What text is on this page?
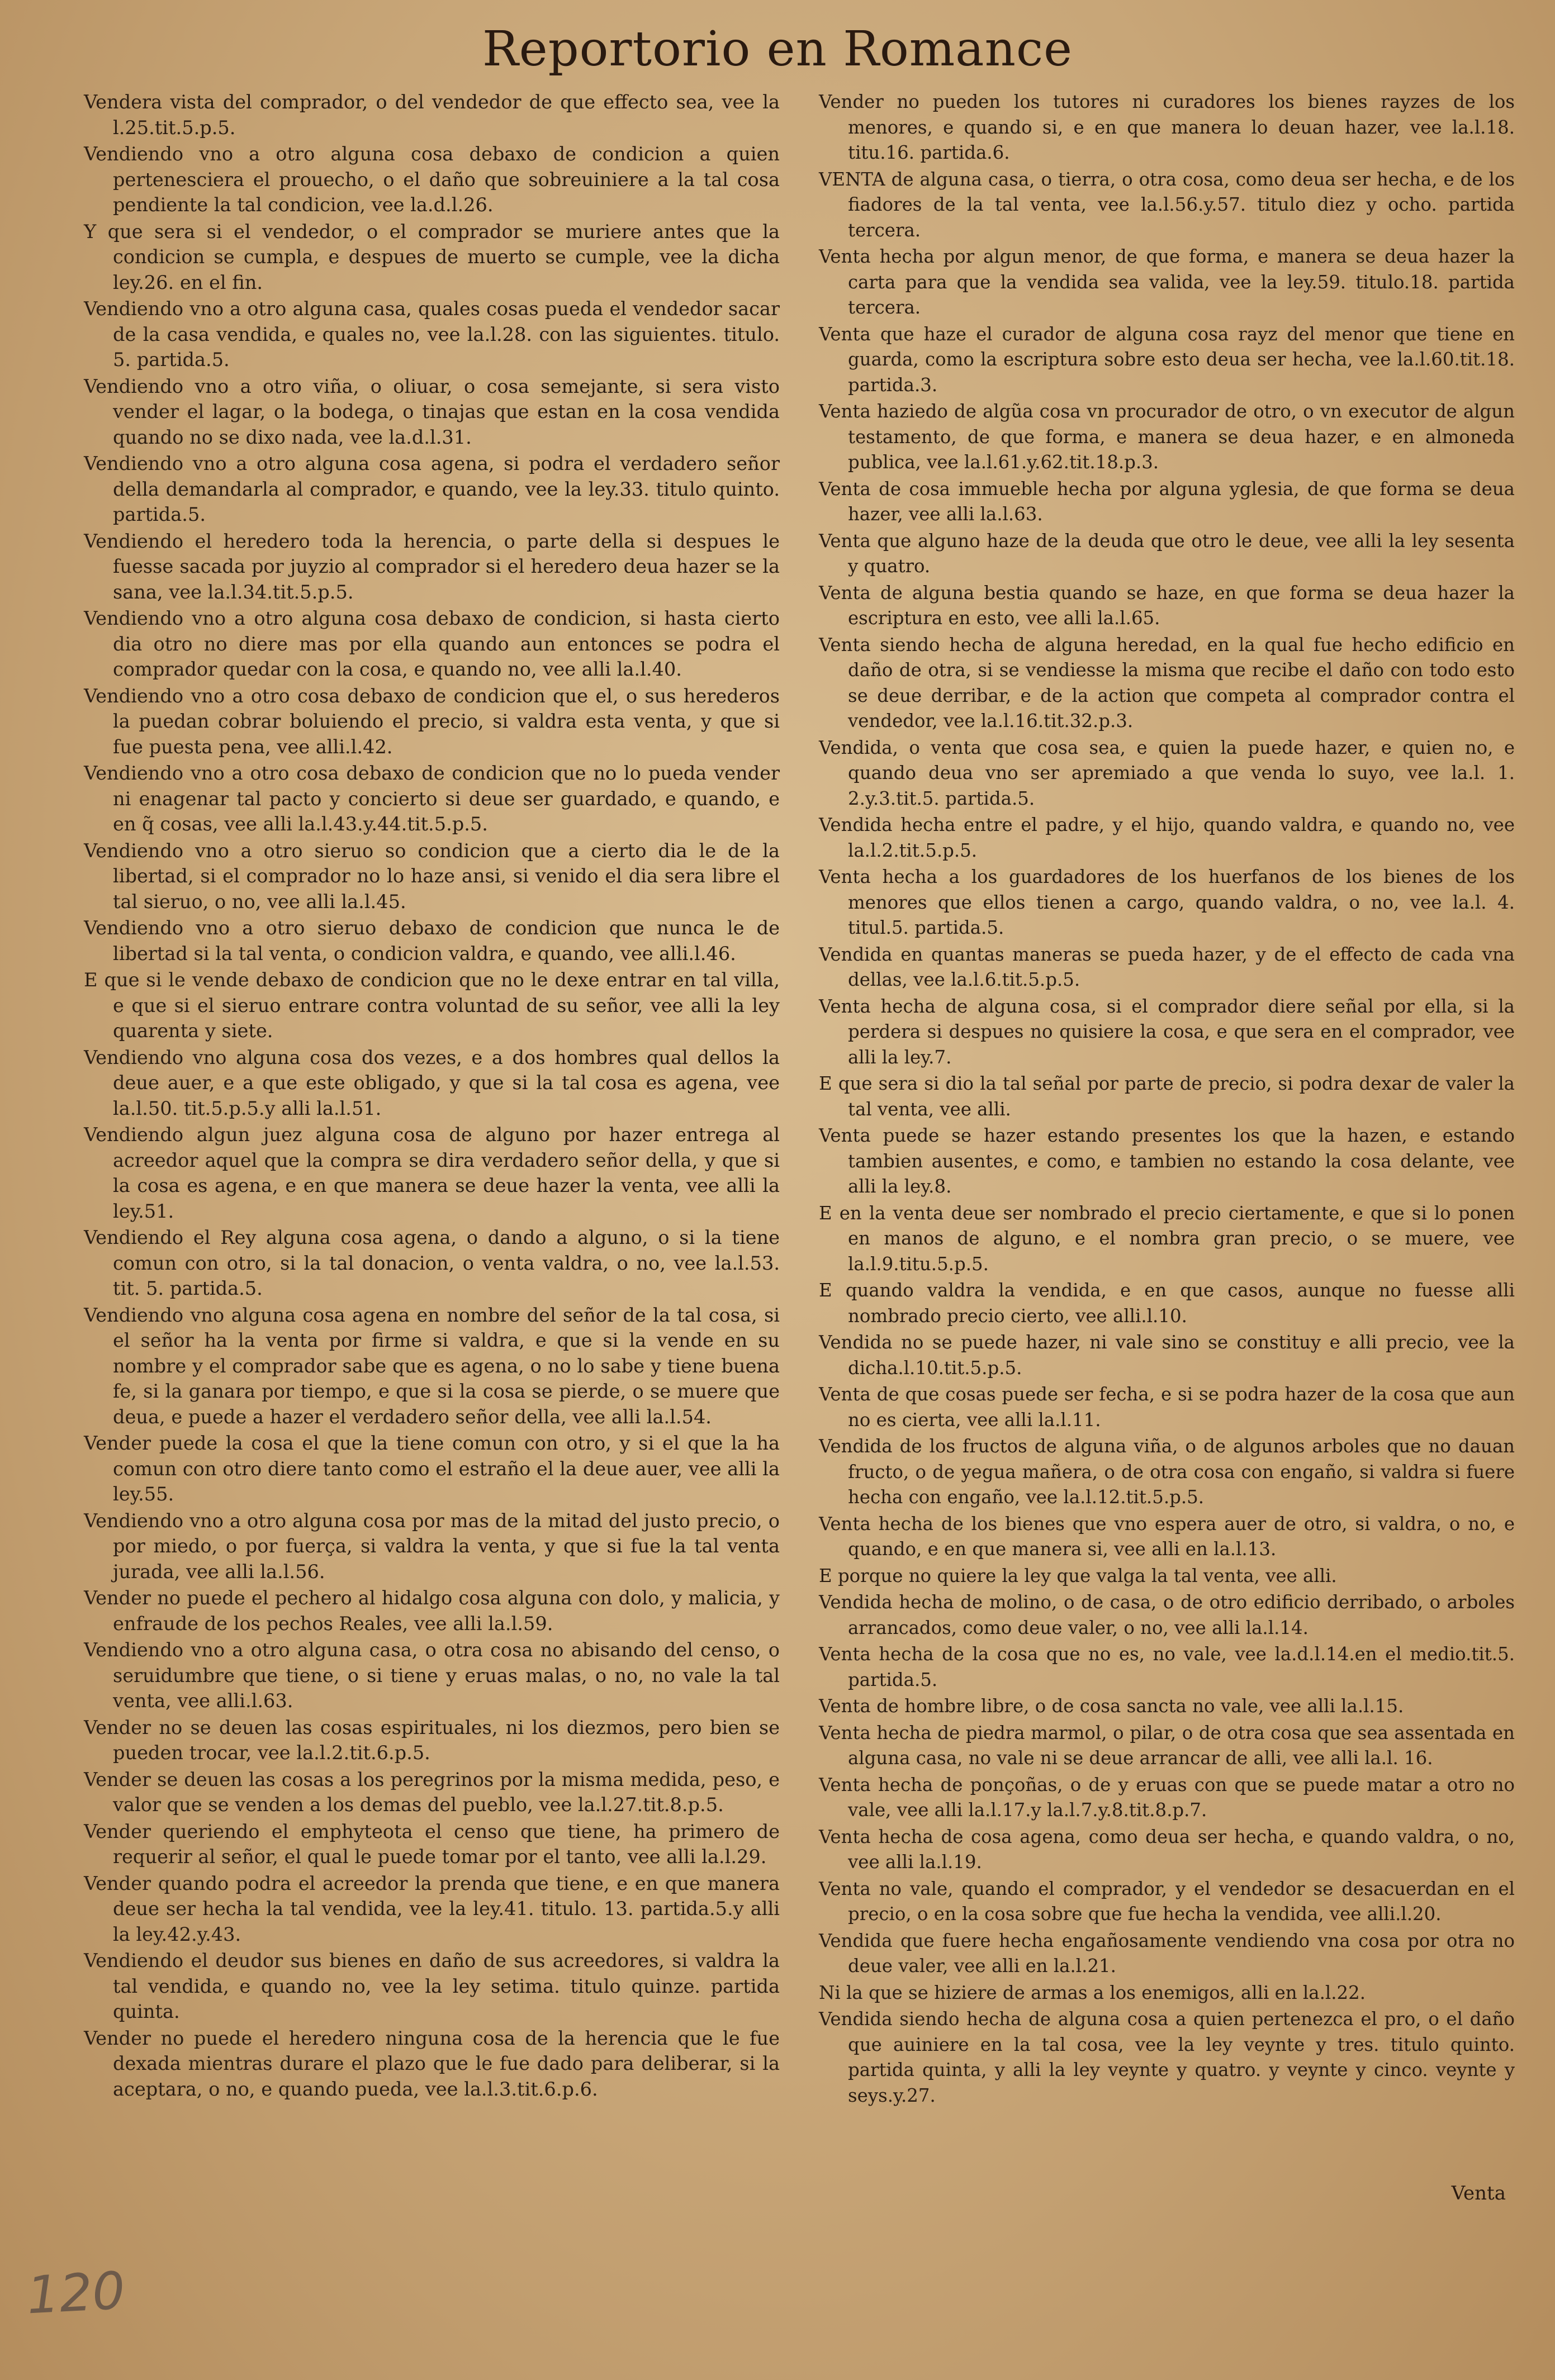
Reportorio en Romance

Vendera vista del comprador, o del vendedor de que effecto sea, vee la l.25.tit.5.p.5.

Vendiendo vno a otro alguna cosa debaxo de condicion a quien pertenesciera el prouecho, o el daño que sobreuiniere a la tal cosa pendiente la tal condicion, vee la.d.l.26.

Y que sera si el vendedor, o el comprador se muriere antes que la condicion se cumpla, e despues de muerto se cumple, vee la dicha ley.26. en el fin.

Vendiendo vno a otro alguna casa, quales cosas pueda el vendedor sacar de la casa vendida, e quales no, vee la.l.28. con las siguientes. titulo. 5. partida.5.

Vendiendo vno a otro viña, o oliuar, o cosa semejante, si sera visto vender el lagar, o la bodega, o tinajas que estan en la cosa vendida quando no se dixo nada, vee la.d.l.31.

Vendiendo vno a otro alguna cosa agena, si podra el verdadero señor della demandarla al comprador, e quando, vee la ley.33. titulo quinto. partida.5.

Vendiendo el heredero toda la herencia, o parte della si despues le fuesse sacada por juyzio al comprador si el heredero deua hazer se la sana, vee la.l.34.tit.5.p.5.

Vendiendo vno a otro alguna cosa debaxo de condicion, si hasta cierto dia otro no diere mas por ella quando aun entonces se podra el comprador quedar con la cosa, e quando no, vee alli la.l.40.

Vendiendo vno a otro cosa debaxo de condicion que el, o sus herederos la puedan cobrar boluiendo el precio, si valdra esta venta, y que si fue puesta pena, vee alli.l.42.

Vendiendo vno a otro cosa debaxo de condicion que no lo pueda vender ni enagenar tal pacto y concierto si deue ser guardado, e quando, e en q̃ cosas, vee alli la.l.43.y.44.tit.5.p.5.

Vendiendo vno a otro sieruo so condicion que a cierto dia le de la libertad, si el comprador no lo haze ansi, si venido el dia sera libre el tal sieruo, o no, vee alli la.l.45.

Vendiendo vno a otro sieruo debaxo de condicion que nunca le de libertad si la tal venta, o condicion valdra, e quando, vee alli.l.46.

E que si le vende debaxo de condicion que no le dexe entrar en tal villa, e que si el sieruo entrare contra voluntad de su señor, vee alli la ley quarenta y siete.

Vendiendo vno alguna cosa dos vezes, e a dos hombres qual dellos la deue auer, e a que este obligado, y que si la tal cosa es agena, vee la.l.50. tit.5.p.5.y alli la.l.51.

Vendiendo algun juez alguna cosa de alguno por hazer entrega al acreedor aquel que la compra se dira verdadero señor della, y que si la cosa es agena, e en que manera se deue hazer la venta, vee alli la ley.51.

Vendiendo el Rey alguna cosa agena, o dando a alguno, o si la tiene comun con otro, si la tal donacion, o venta valdra, o no, vee la.l.53. tit. 5. partida.5.

Vendiendo vno alguna cosa agena en nombre del señor de la tal cosa, si el señor ha la venta por firme si valdra, e que si la vende en su nombre y el comprador sabe que es agena, o no lo sabe y tiene buena fe, si la ganara por tiempo, e que si la cosa se pierde, o se muere que deua, e puede a hazer el verdadero señor della, vee alli la.l.54.

Vender puede la cosa el que la tiene comun con otro, y si el que la ha comun con otro diere tanto como el estraño el la deue auer, vee alli la ley.55.

Vendiendo vno a otro alguna cosa por mas de la mitad del justo precio, o por miedo, o por fuerça, si valdra la venta, y que si fue la tal venta jurada, vee alli la.l.56.

Vender no puede el pechero al hidalgo cosa alguna con dolo, y malicia, y enfraude de los pechos Reales, vee alli la.l.59.

Vendiendo vno a otro alguna casa, o otra cosa no abisando del censo, o seruidumbre que tiene, o si tiene y eruas malas, o no, no vale la tal venta, vee alli.l.63.

Vender no se deuen las cosas espirituales, ni los diezmos, pero bien se pueden trocar, vee la.l.2.tit.6.p.5.

Vender se deuen las cosas a los peregrinos por la misma medida, peso, e valor que se venden a los demas del pueblo, vee la.l.27.tit.8.p.5.

Vender queriendo el emphyteota el censo que tiene, ha primero de requerir al señor, el qual le puede tomar por el tanto, vee alli la.l.29.

Vender quando podra el acreedor la prenda que tiene, e en que manera deue ser hecha la tal vendida, vee la ley.41. titulo. 13. partida.5.y alli la ley.42.y.43.

Vendiendo el deudor sus bienes en daño de sus acreedores, si valdra la tal vendida, e quando no, vee la ley setima. titulo quinze. partida quinta.

Vender no puede el heredero ninguna cosa de la herencia que le fue dexada mientras durare el plazo que le fue dado para deliberar, si la aceptara, o no, e quando pueda, vee la.l.3.tit.6.p.6.

Vender no pueden los tutores ni curadores los bienes rayzes de los menores, e quando si, e en que manera lo deuan hazer, vee la.l.18. titu.16. partida.6.

VENTA de alguna casa, o tierra, o otra cosa, como deua ser hecha, e de los fiadores de la tal venta, vee la.l.56.y.57. titulo diez y ocho. partida tercera.

Venta hecha por algun menor, de que forma, e manera se deua hazer la carta para que la vendida sea valida, vee la ley.59. titulo.18. partida tercera.

Venta que haze el curador de alguna cosa rayz del menor que tiene en guarda, como la escriptura sobre esto deua ser hecha, vee la.l.60.tit.18. partida.3.

Venta haziedo de algũa cosa vn procurador de otro, o vn executor de algun testamento, de que forma, e manera se deua hazer, e en almoneda publica, vee la.l.61.y.62.tit.18.p.3.

Venta de cosa immueble hecha por alguna yglesia, de que forma se deua hazer, vee alli la.l.63.

Venta que alguno haze de la deuda que otro le deue, vee alli la ley sesenta y quatro.

Venta de alguna bestia quando se haze, en que forma se deua hazer la escriptura en esto, vee alli la.l.65.

Venta siendo hecha de alguna heredad, en la qual fue hecho edificio en daño de otra, si se vendiesse la misma que recibe el daño con todo esto se deue derribar, e de la action que competa al comprador contra el vendedor, vee la.l.16.tit.32.p.3.

Vendida, o venta que cosa sea, e quien la puede hazer, e quien no, e quando deua vno ser apremiado a que venda lo suyo, vee la.l. 1. 2.y.3.tit.5. partida.5.

Vendida hecha entre el padre, y el hijo, quando valdra, e quando no, vee la.l.2.tit.5.p.5.

Venta hecha a los guardadores de los huerfanos de los bienes de los menores que ellos tienen a cargo, quando valdra, o no, vee la.l. 4. titul.5. partida.5.

Vendida en quantas maneras se pueda hazer, y de el effecto de cada vna dellas, vee la.l.6.tit.5.p.5.

Venta hecha de alguna cosa, si el comprador diere señal por ella, si la perdera si despues no quisiere la cosa, e que sera en el comprador, vee alli la ley.7.

E que sera si dio la tal señal por parte de precio, si podra dexar de valer la tal venta, vee alli.

Venta puede se hazer estando presentes los que la hazen, e estando tambien ausentes, e como, e tambien no estando la cosa delante, vee alli la ley.8.

E en la venta deue ser nombrado el precio ciertamente, e que si lo ponen en manos de alguno, e el nombra gran precio, o se muere, vee la.l.9.titu.5.p.5.

E quando valdra la vendida, e en que casos, aunque no fuesse alli nombrado precio cierto, vee alli.l.10.

Vendida no se puede hazer, ni vale sino se constituy e alli precio, vee la dicha.l.10.tit.5.p.5.

Venta de que cosas puede ser fecha, e si se podra hazer de la cosa que aun no es cierta, vee alli la.l.11.

Vendida de los fructos de alguna viña, o de algunos arboles que no dauan fructo, o de yegua mañera, o de otra cosa con engaño, si valdra si fuere hecha con engaño, vee la.l.12.tit.5.p.5.

Venta hecha de los bienes que vno espera auer de otro, si valdra, o no, e quando, e en que manera si, vee alli en la.l.13.

E porque no quiere la ley que valga la tal venta, vee alli.

Vendida hecha de molino, o de casa, o de otro edificio derribado, o arboles arrancados, como deue valer, o no, vee alli la.l.14.

Venta hecha de la cosa que no es, no vale, vee la.d.l.14.en el medio.tit.5. partida.5.

Venta de hombre libre, o de cosa sancta no vale, vee alli la.l.15.

Venta hecha de piedra marmol, o pilar, o de otra cosa que sea assentada en alguna casa, no vale ni se deue arrancar de alli, vee alli la.l. 16.

Venta hecha de ponçoñas, o de y eruas con que se puede matar a otro no vale, vee alli la.l.17.y la.l.7.y.8.tit.8.p.7.

Venta hecha de cosa agena, como deua ser hecha, e quando valdra, o no, vee alli la.l.19.

Venta no vale, quando el comprador, y el vendedor se desacuerdan en el precio, o en la cosa sobre que fue hecha la vendida, vee alli.l.20.

Vendida que fuere hecha engañosamente vendiendo vna cosa por otra no deue valer, vee alli en la.l.21.

Ni la que se hiziere de armas a los enemigos, alli en la.l.22.

Vendida siendo hecha de alguna cosa a quien pertenezca el pro, o el daño que auiniere en la tal cosa, vee la ley veynte y tres. titulo quinto. partida quinta, y alli la ley veynte y quatro. y veynte y cinco. veynte y seys.y.27.

Venta
120
